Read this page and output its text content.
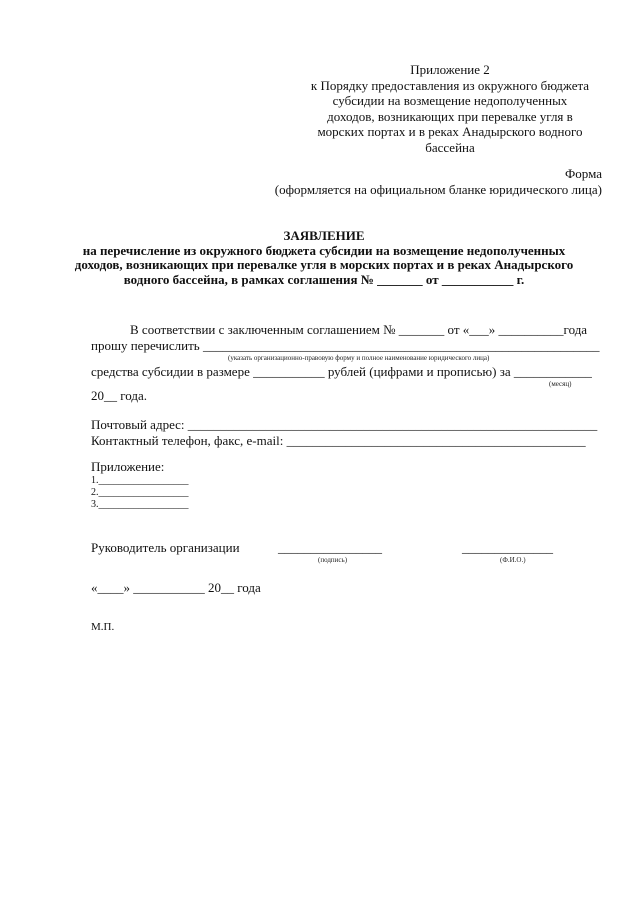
Приложение 2
к Порядку предоставления из окружного бюджета
субсидии на возмещение недополученных
доходов, возникающих при перевалке угля в
морских портах и в реках Анадырского водного
бассейна
Форма
(оформляется на официальном бланке юридического лица)
ЗАЯВЛЕНИЕ
на перечисление из окружного бюджета субсидии на возмещение недополученных
доходов, возникающих при перевалке угля в морских портах и в реках Анадырского
водного бассейна, в рамках соглашения № _______ от ___________ г.
В соответствии с заключенным соглашением № _______ от «___» __________года
прошу перечислить _____________________________________________________________
(указать организационно-правовую форму и полное наименование юридического лица)
средства субсидии в размере ___________ рублей (цифрами и прописью) за ____________
(месяц)
20__ года.
Почтовый адрес: _______________________________________________________________
Контактный телефон, факс, e-mail: ______________________________________________
Приложение:
1.__________________
2.__________________
3.__________________
Руководитель организации	________________
(подпись)
______________
(Ф.И.О.)
«____» ___________ 20__ года
М.П.
